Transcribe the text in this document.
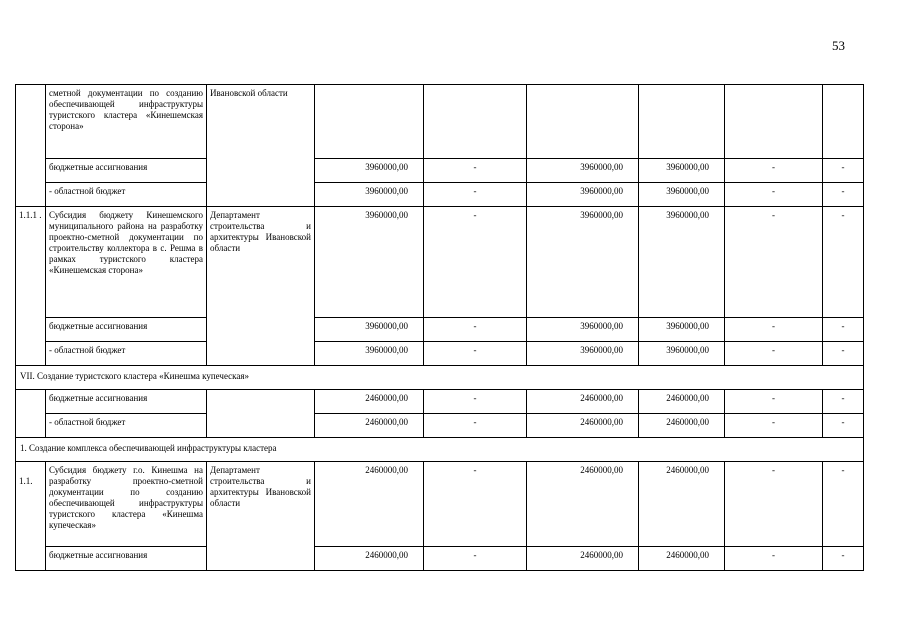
53
	сметной документации по созданию обеспечивающей инфраструктуры туристского кластера «Кинешемская сторона»	Ивановской области						
	бюджетные ассигнования		3960000,00	-	3960000,00	3960000,00	-	-
	- областной бюджет		3960000,00	-	3960000,00	3960000,00	-	-
1.1.1 .	Субсидия бюджету Кинешемского муниципального района на разработку проектно-сметной документации по строительству коллектора в с. Решма в рамках туристского кластера «Кинешемская сторона»	Департамент строительства и архитектуры Ивановской области	3960000,00	-	3960000,00	3960000,00	-	-
	бюджетные ассигнования		3960000,00	-	3960000,00	3960000,00	-	-
	- областной бюджет		3960000,00	-	3960000,00	3960000,00	-	-
VII. Создание туристского кластера «Кинешма купеческая»								
	бюджетные ассигнования		2460000,00	-	2460000,00	2460000,00	-	-
	- областной бюджет		2460000,00	-	2460000,00	2460000,00	-	-
1. Создание комплекса обеспечивающей инфраструктуры кластера								
1.1.	Субсидия бюджету г.о. Кинешма на разработку проектно-сметной документации по созданию обеспечивающей инфраструктуры туристского кластера «Кинешма купеческая»	Департамент строительства и архитектуры Ивановской области	2460000,00	-	2460000,00	2460000,00	-	-
	бюджетные ассигнования		2460000,00	-	2460000,00	2460000,00	-	-
